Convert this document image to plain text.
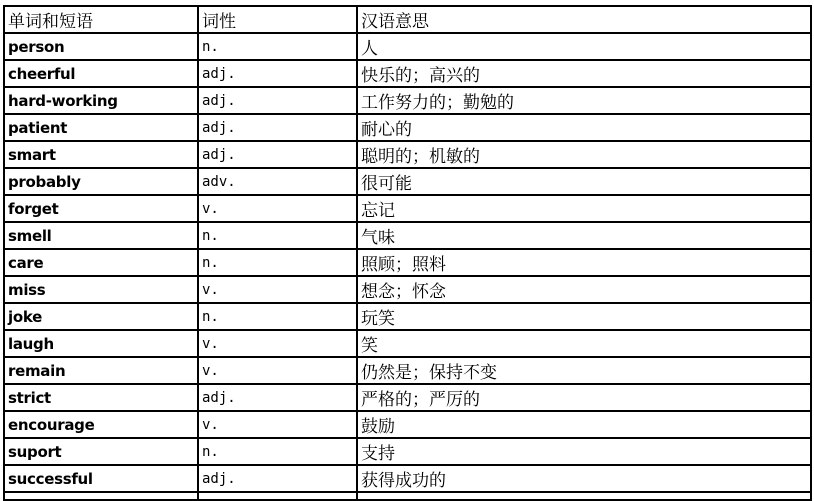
单词和短语	词性	汉语意思
person	n.	人
cheerful	adj.	快乐的；高兴的
hard-working	adj.	工作努力的；勤勉的
patient	adj.	耐心的
smart	adj.	聪明的；机敏的
probably	adv.	很可能
forget	v.	忘记
smell	n.	气味
care	n.	照顾；照料
miss	v.	想念；怀念
joke	n.	玩笑
laugh	v.	笑
remain	v.	仍然是；保持不变
strict	adj.	严格的；严厉的
encourage	v.	鼓励
suport	n.	支持
successful	adj.	获得成功的
